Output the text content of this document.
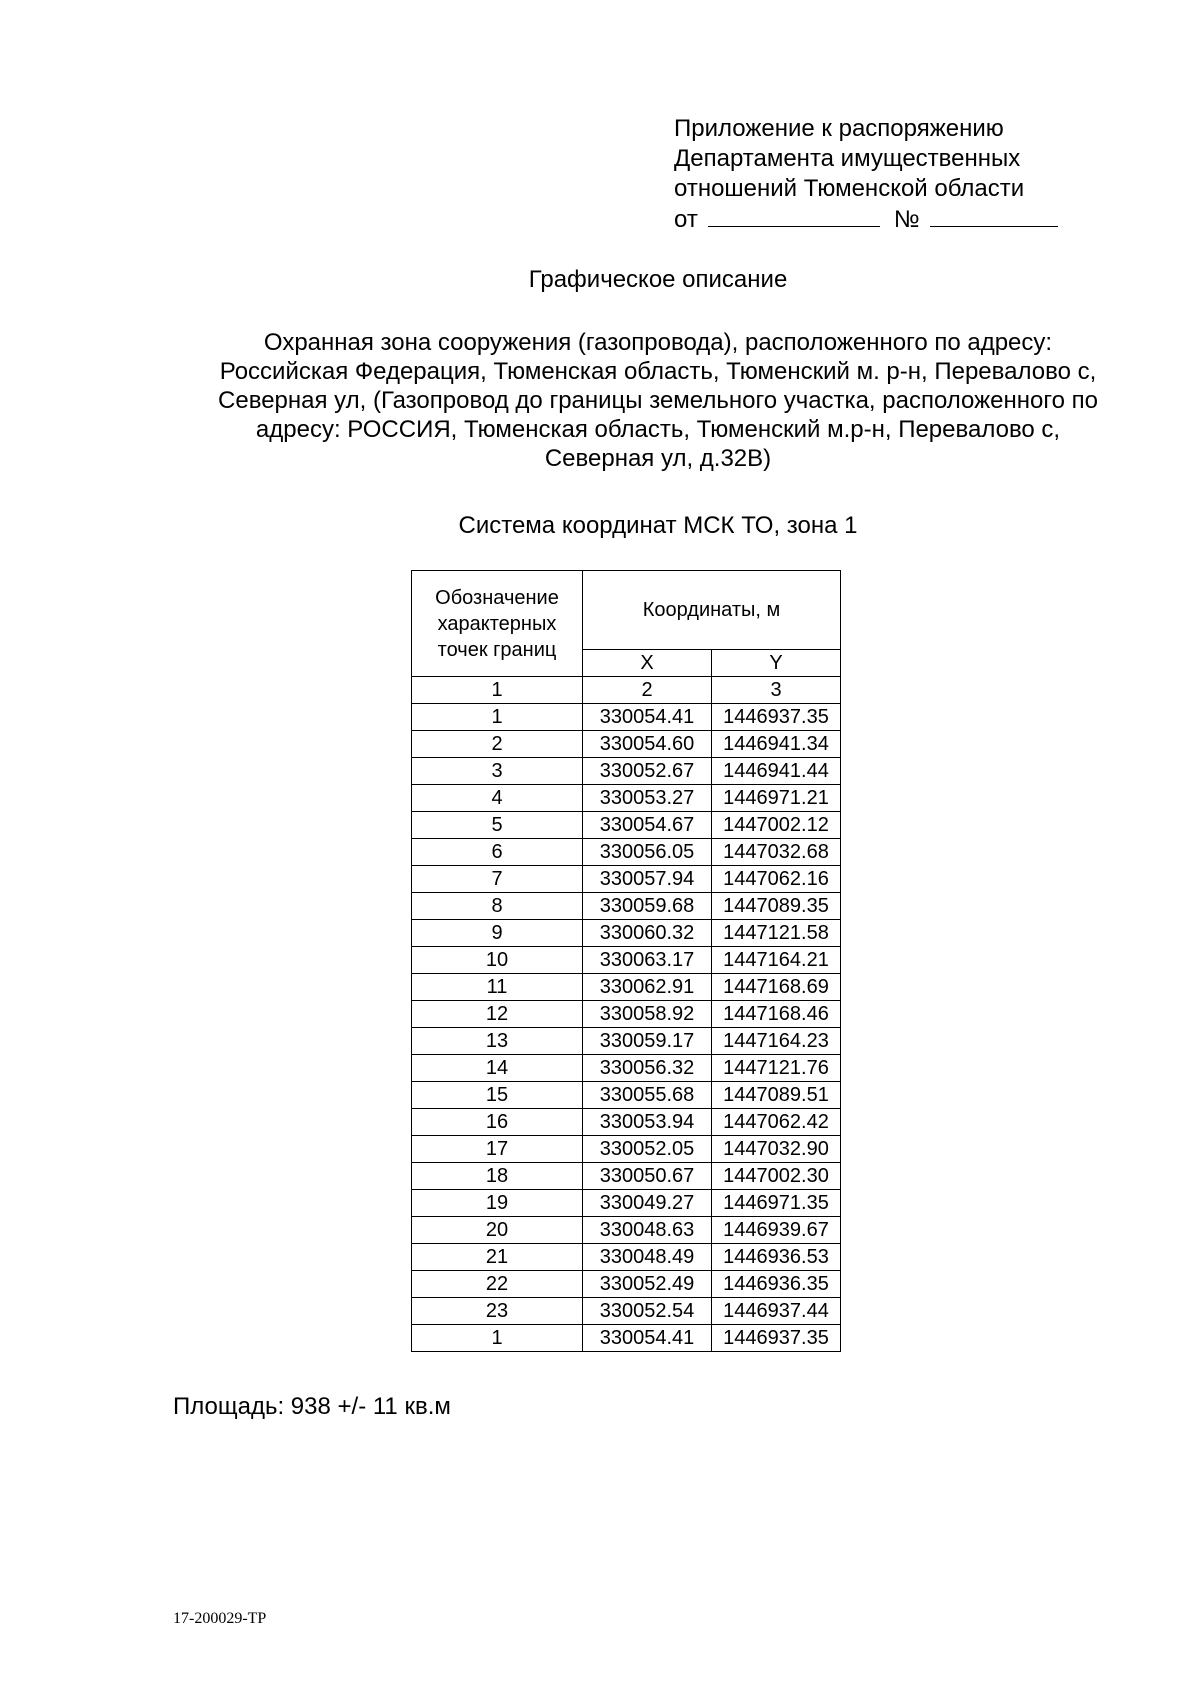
Приложение к распоряжению
Департамента имущественных
отношений Тюменской области
от	№
Графическое описание
Охранная зона сооружения (газопровода), расположенного по адресу:
Российская Федерация, Тюменская область, Тюменский м. р-н, Перевалово с,
Северная ул, (Газопровод до границы земельного участка, расположенного по
адресу: РОССИЯ, Тюменская область, Тюменский м.р-н, Перевалово с,
Северная ул, д.32В)
Система координат МСК ТО, зона 1
Обозначение характерных точек границ	Координаты, м	
	X	Y
1	2	3
1	330054.41	1446937.35
2	330054.60	1446941.34
3	330052.67	1446941.44
4	330053.27	1446971.21
5	330054.67	1447002.12
6	330056.05	1447032.68
7	330057.94	1447062.16
8	330059.68	1447089.35
9	330060.32	1447121.58
10	330063.17	1447164.21
11	330062.91	1447168.69
12	330058.92	1447168.46
13	330059.17	1447164.23
14	330056.32	1447121.76
15	330055.68	1447089.51
16	330053.94	1447062.42
17	330052.05	1447032.90
18	330050.67	1447002.30
19	330049.27	1446971.35
20	330048.63	1446939.67
21	330048.49	1446936.53
22	330052.49	1446936.35
23	330052.54	1446937.44
1	330054.41	1446937.35
Площадь: 938 +/- 11 кв.м
17-200029-ТР
